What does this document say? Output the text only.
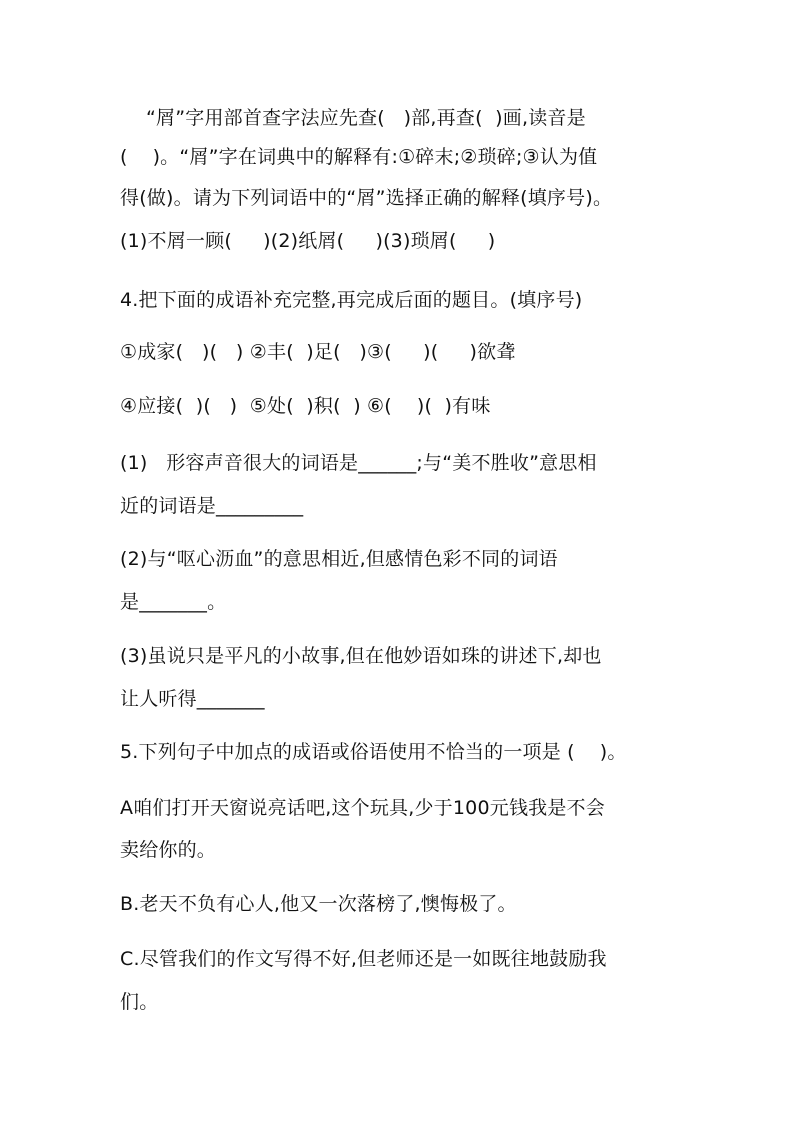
“屑”字用部首查字法应先查(   )部,再查(  )画,读音是
(    )。“屑”字在词典中的解释有:①碎末;②琐碎;③认为值
得(做)。请为下列词语中的“屑”选择正确的解释(填序号)。
(1)不屑一顾(     )(2)纸屑(     )(3)琐屑(     )
4.把下面的成语补充完整,再完成后面的题目。(填序号)
①成家(   )(   ) ②丰(  )足(   )③(     )(     )欲聋
④应接(  )(   )  ⑤处(  )积(  ) ⑥(    )(  )有味
(1)   形容声音很大的词语是______;与“美不胜收”意思相
近的词语是_________
(2)与“呕心沥血”的意思相近,但感情色彩不同的词语
是_______。
(3)虽说只是平凡的小故事,但在他妙语如珠的讲述下,却也
让人听得_______
5.下列句子中加点的成语或俗语使用不恰当的一项是 (    )。
A咱们打开天窗说亮话吧,这个玩具,少于100元钱我是不会
卖给你的。
B.老天不负有心人,他又一次落榜了,懊悔极了。
C.尽管我们的作文写得不好,但老师还是一如既往地鼓励我
们。
